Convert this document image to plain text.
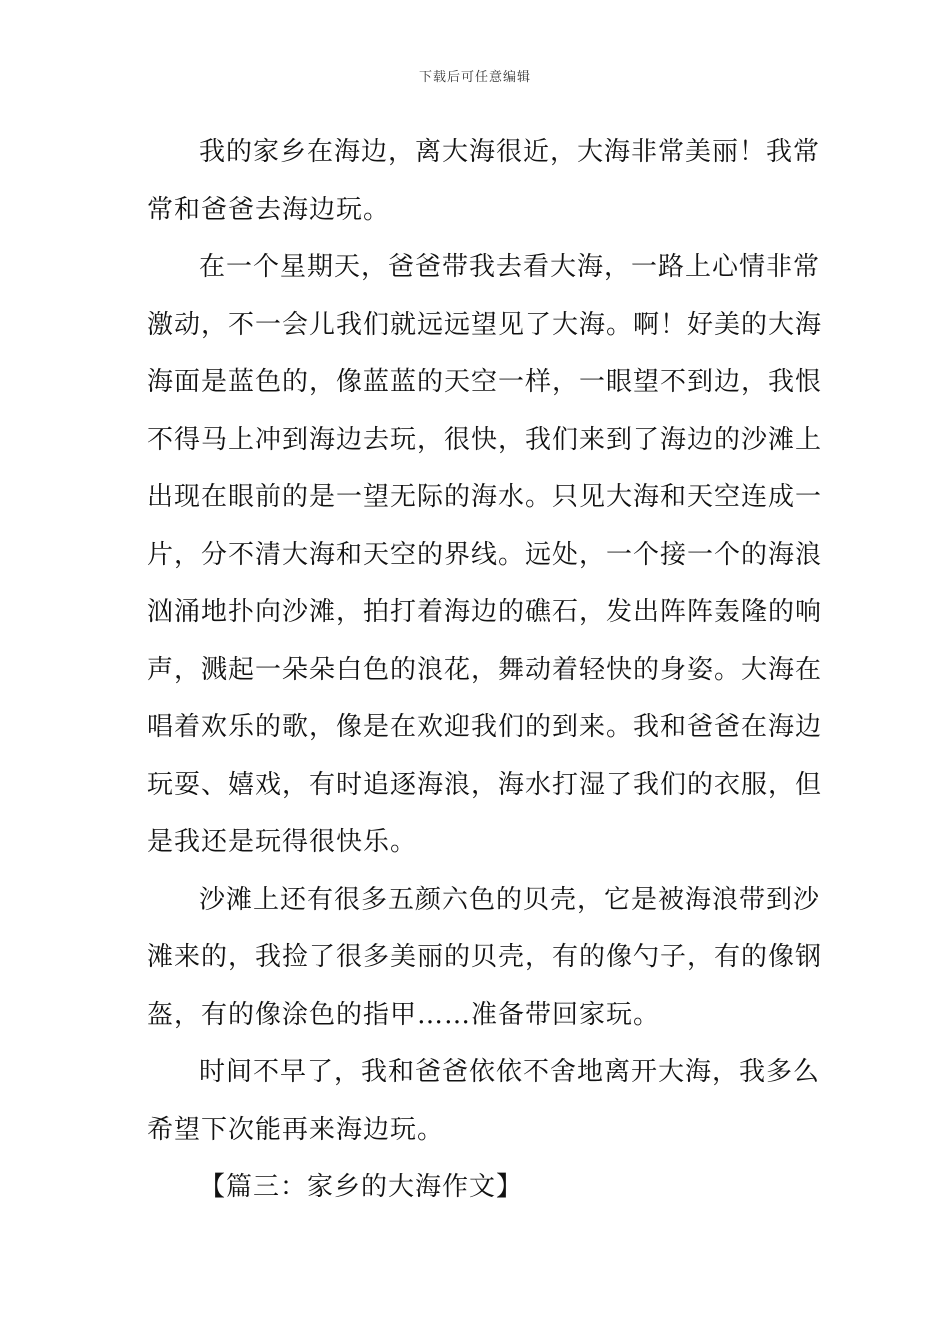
下载后可任意编辑

我的家乡在海边，离大海很近，大海非常美丽！我常
常和爸爸去海边玩。

在一个星期天，爸爸带我去看大海，一路上心情非常
激动，不一会儿我们就远远望见了大海。啊！好美的大海
海面是蓝色的，像蓝蓝的天空一样，一眼望不到边，我恨
不得马上冲到海边去玩，很快，我们来到了海边的沙滩上
出现在眼前的是一望无际的海水。只见大海和天空连成一
片，分不清大海和天空的界线。远处，一个接一个的海浪
汹涌地扑向沙滩，拍打着海边的礁石，发出阵阵轰隆的响
声，溅起一朵朵白色的浪花，舞动着轻快的身姿。大海在
唱着欢乐的歌，像是在欢迎我们的到来。我和爸爸在海边
玩耍、嬉戏，有时追逐海浪，海水打湿了我们的衣服，但
是我还是玩得很快乐。

沙滩上还有很多五颜六色的贝壳，它是被海浪带到沙
滩来的，我捡了很多美丽的贝壳，有的像勺子，有的像钢
盔，有的像涂色的指甲……准备带回家玩。

时间不早了，我和爸爸依依不舍地离开大海，我多么
希望下次能再来海边玩。

【篇三：家乡的大海作文】
